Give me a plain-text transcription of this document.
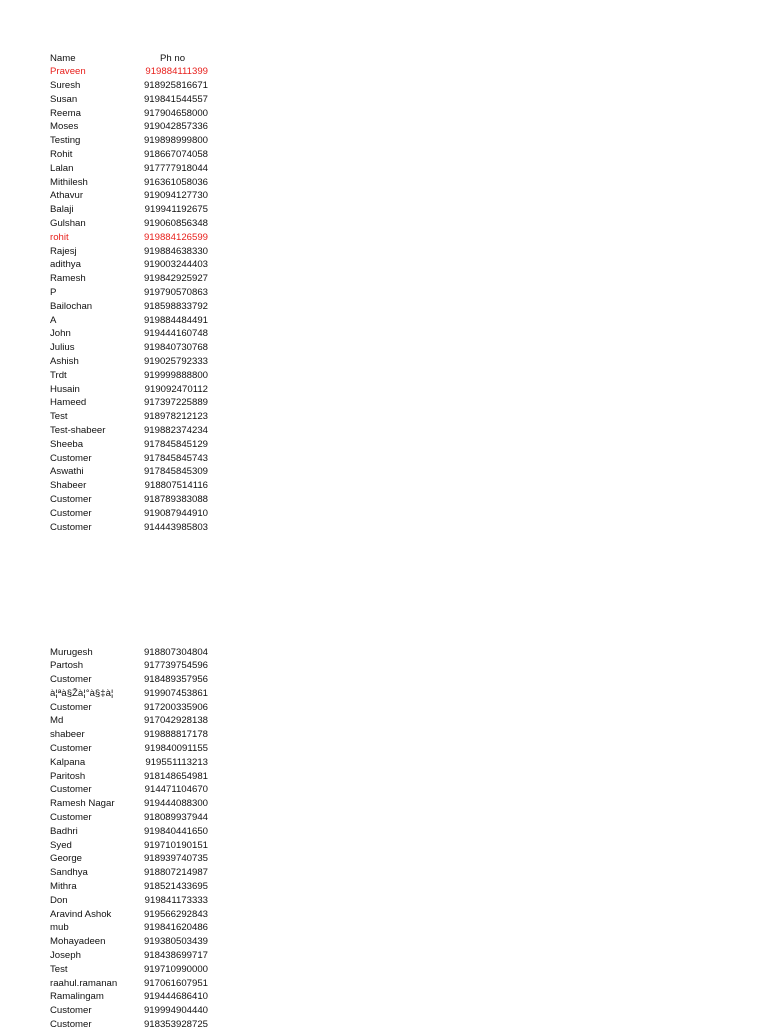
Name	Ph no
Praveen	919884111399
Suresh	918925816671
Susan	919841544557
Reema	917904658000
Moses	919042857336
Testing	919898999800
Rohit	918667074058
Lalan	917777918044
Mithilesh	916361058036
Athavur	919094127730
Balaji	919941192675
Gulshan	919060856348
rohit	919884126599
Rajesj	919884638330
adithya	919003244403
Ramesh	919842925927
P	919790570863
Bailochan	918598833792
A	919884484491
John	919444160748
Julius	919840730768
Ashish	919025792333
Trdt	919999888800
Husain	919092470112
Hameed	917397225889
Test	918978212123
Test-shabeer	919882374234
Sheeba	917845845129
Customer	917845845743
Aswathi	917845845309
Shabeer	918807514116
Customer	918789383088
Customer	919087944910
Customer	914443985803
Murugesh	918807304804
Partosh	917739754596
Customer	918489357956
à¦ªà§Žà¦°à§‡à¦	919907453861
Customer	917200335906
Md	917042928138
shabeer	919888817178
Customer	919840091155
Kalpana	919551113213
Paritosh	918148654981
Customer	914471104670
Ramesh Nagar	919444088300
Customer	918089937944
Badhri	919840441650
Syed	919710190151
George	918939740735
Sandhya	918807214987
Mithra	918521433695
Don	919841173333
Aravind Ashok	919566292843
mub	919841620486
Mohayadeen	919380503439
Joseph	918438699717
Test	919710990000
raahul.ramanan	917061607951
Ramalingam	919444686410
Customer	919994904440
Customer	918353928725
